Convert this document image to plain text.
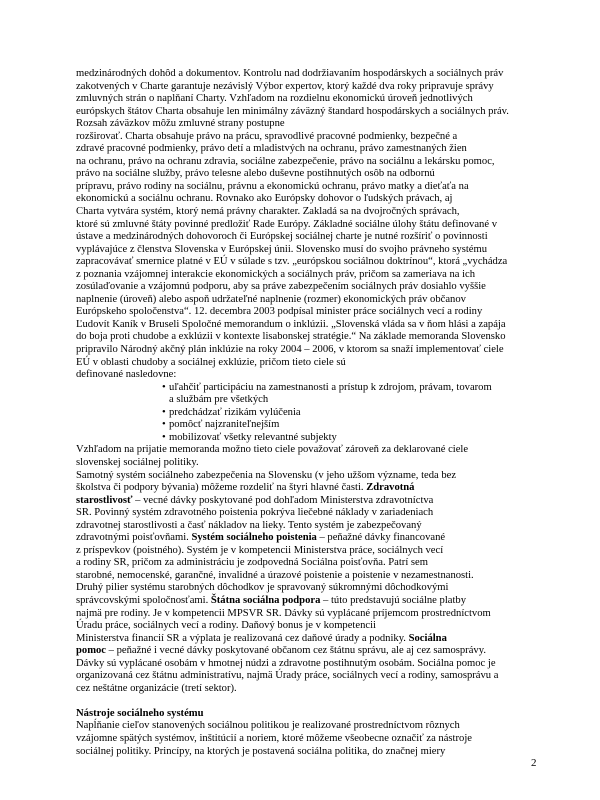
medzinárodných dohôd a dokumentov. Kontrolu nad dodržiavaním hospodárskych a sociálnych práv
zakotvených v Charte garantuje nezávislý Výbor expertov, ktorý každé dva roky pripravuje správy
zmluvných strán o naplňaní Charty. Vzhľadom na rozdielnu ekonomickú úroveň jednotlivých
európskych štátov Charta obsahuje len minimálny záväzný štandard hospodárskych a sociálnych práv.
Rozsah záväzkov môžu zmluvné strany postupne
rozširovať. Charta obsahuje právo na prácu, spravodlivé pracovné podmienky, bezpečné a
zdravé pracovné podmienky, právo detí a mladistvých na ochranu, právo zamestnaných žien
na ochranu, právo na ochranu zdravia, sociálne zabezpečenie, právo na sociálnu a lekársku pomoc,
právo na sociálne služby, právo telesne alebo duševne postihnutých osôb na odbornú
prípravu, právo rodiny na sociálnu, právnu a ekonomickú ochranu, právo matky a dieťaťa na
ekonomickú a sociálnu ochranu. Rovnako ako Európsky dohovor o ľudských právach, aj
Charta vytvára systém, ktorý nemá právny charakter. Zakladá sa na dvojročných správach,
ktoré sú zmluvné štáty povinné predložiť Rade Európy. Základné sociálne úlohy štátu definované v
ústave a medzinárodných dohovoroch či Európskej sociálnej charte je nutné rozšíriť o povinnosti
vyplávajúce z členstva Slovenska v Európskej únii. Slovensko musí do svojho právneho systému
zapracovávať smernice platné v EÚ v súlade s tzv. „európskou sociálnou doktrínou“, ktorá „vychádza
z poznania vzájomnej interakcie ekonomických a sociálnych práv, pričom sa zameriava na ich
zosúlaďovanie a vzájomnú podporu, aby sa práve zabezpečením sociálnych práv dosiahlo vyššie
naplnenie (úroveň) alebo aspoň udržateľné naplnenie (rozmer) ekonomických práv občanov
Európskeho spoločenstva“. 12. decembra 2003 podpísal minister práce sociálnych vecí a rodiny
Ľudovít Kaník v Bruseli Spoločné memorandum o inklúzii. „Slovenská vláda sa v ňom hlási a zapája
do boja proti chudobe a exklúzii v kontexte lisabonskej stratégie.“ Na základe memoranda Slovensko
pripravilo Národný akčný plán inklúzie na roky 2004 – 2006, v ktorom sa snaží implementovať ciele
EÚ v oblasti chudoby a sociálnej exklúzie, pričom tieto ciele sú
definované nasledovne:
• uľahčiť participáciu na zamestnanosti a prístup k zdrojom, právam, tovarom
a službám pre všetkých
• predchádzať rizikám vylúčenia
• pomôcť najzraniteľnejším
• mobilizovať všetky relevantné subjekty
Vzhľadom na prijatie memoranda možno tieto ciele považovať zároveň za deklarované ciele
slovenskej sociálnej politiky.
Samotný systém sociálneho zabezpečenia na Slovensku (v jeho užšom význame, teda bez
školstva či podpory bývania) môžeme rozdeliť na štyri hlavné časti. Zdravotná
starostlivosť – vecné dávky poskytované pod dohľadom Ministerstva zdravotníctva
SR. Povinný systém zdravotného poistenia pokrýva liečebné náklady v zariadeniach
zdravotnej starostlivosti a časť nákladov na lieky. Tento systém je zabezpečovaný
zdravotnými poisťovňami. Systém sociálneho poistenia – peňažné dávky financované
z príspevkov (poistného). Systém je v kompetencii Ministerstva práce, sociálnych vecí
a rodiny SR, pričom za administráciu je zodpovedná Sociálna poisťovňa. Patrí sem
starobné, nemocenské, garančné, invalidné a úrazové poistenie a poistenie v nezamestnanosti.
Druhý pilier systému starobných dôchodkov je spravovaný súkromnými dôchodkovými
správcovskými spoločnosťami. Štátna sociálna podpora – túto predstavujú sociálne platby
najmä pre rodiny. Je v kompetencii MPSVR SR. Dávky sú vyplácané príjemcom prostredníctvom
Úradu práce, sociálnych vecí a rodiny. Daňový bonus je v kompetencii
Ministerstva financií SR a výplata je realizovaná cez daňové úrady a podniky. Sociálna
pomoc – peňažné i vecné dávky poskytované občanom cez štátnu správu, ale aj cez samosprávy.
Dávky sú vyplácané osobám v hmotnej núdzi a zdravotne postihnutým osobám. Sociálna pomoc je
organizovaná cez štátnu administratívu, najmä Úrady práce, sociálnych vecí a rodiny, samosprávu a
cez neštátne organizácie (tretí sektor).
Nástroje sociálneho systému
Napĺňanie cieľov stanovených sociálnou politikou je realizované prostredníctvom rôznych
vzájomne spätých systémov, inštitúcií a noriem, ktoré môžeme všeobecne označiť za nástroje
sociálnej politiky. Princípy, na ktorých je postavená sociálna politika, do značnej miery
2
